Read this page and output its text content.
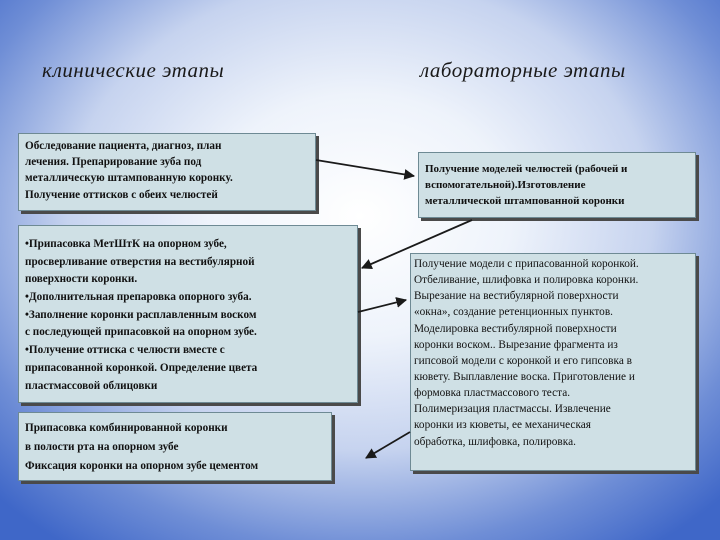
клинические этапы	лабораторные этапы
Обследование пациента, диагноз, план
лечения. Препарирование зуба под
металлическую штампованную коронку.
Получение оттисков с обеих челюстей
•Припасовка МетШтК на опорном зубе,
просверливание отверстия на вестибулярной
поверхности коронки.
•Дополнительная препаровка опорного зуба.
•Заполнение коронки расплавленным воском
с последующей припасовкой на опорном зубе.
•Получение оттиска с челюсти вместе с
припасованной коронкой. Определение цвета
пластмассовой облицовки
Припасовка комбинированной коронки
в полости рта на опорном зубе
Фиксация коронки на опорном зубе цементом
Получение моделей челюстей (рабочей и
вспомогательной).Изготовление
металлической штампованной коронки
Получение модели с припасованной коронкой.
Отбеливание, шлифовка и полировка коронки.
Вырезание на вестибулярной поверхности
«окна», создание ретенционных пунктов.
Моделировка вестибулярной поверхности
коронки воском.. Вырезание фрагмента из
гипсовой модели с коронкой и его гипсовка в
кювету. Выплавление воска. Приготовление и
формовка пластмассового теста.
Полимеризация пластмассы. Извлечение
коронки из кюветы, ее механическая
обработка, шлифовка, полировка.
